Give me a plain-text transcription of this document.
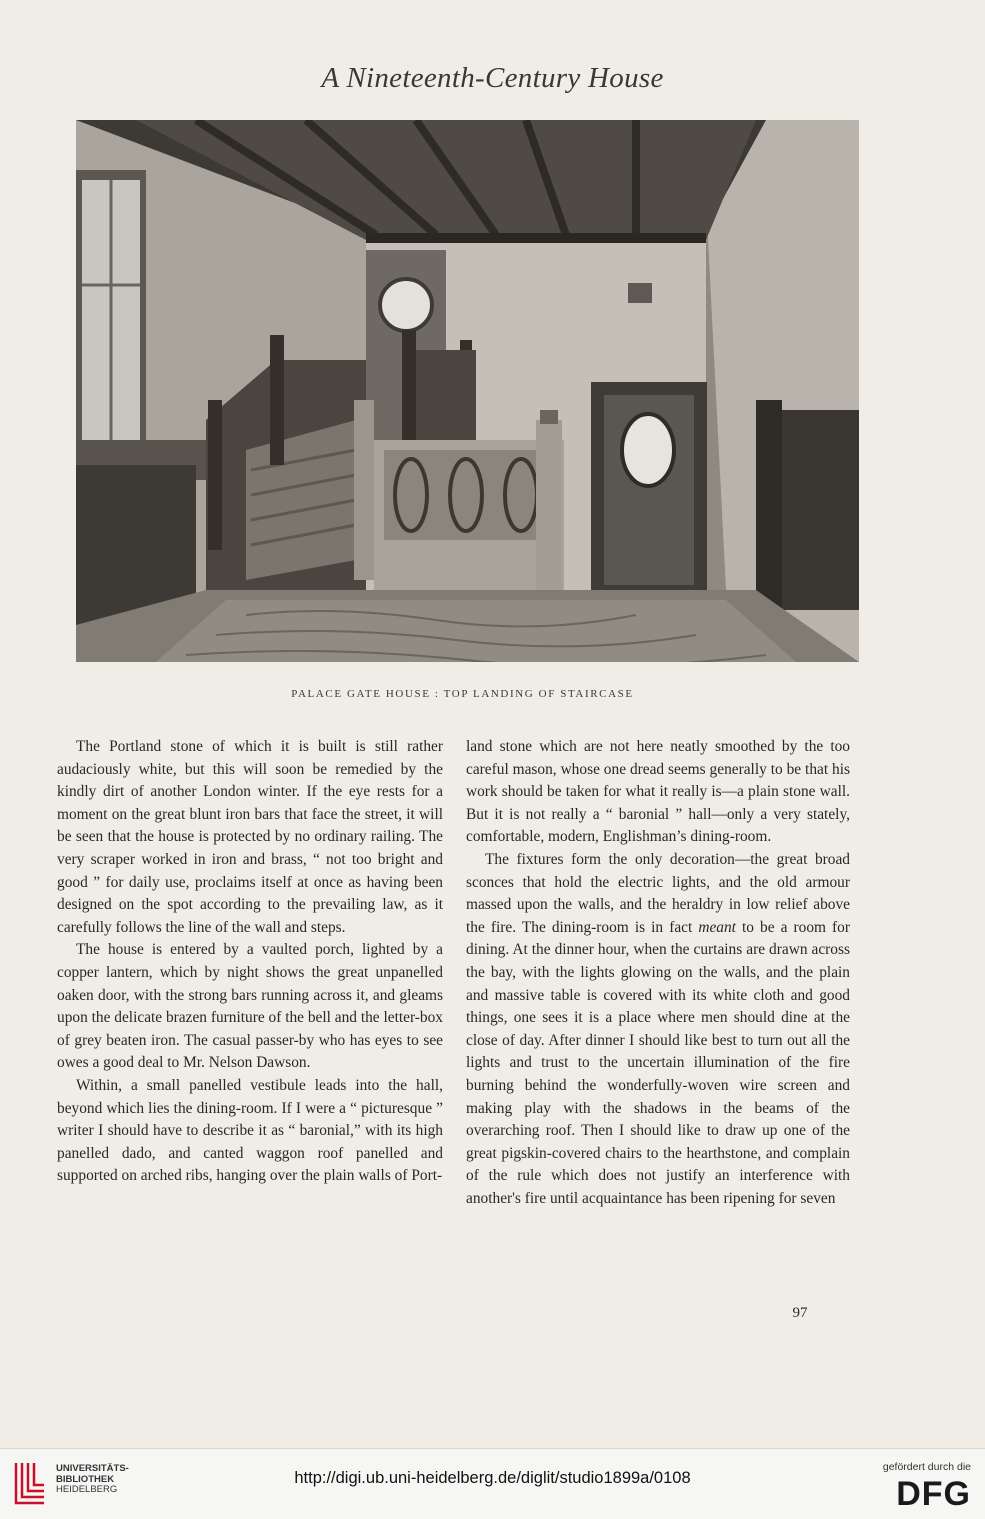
A Nineteenth-Century House
PALACE GATE HOUSE : TOP LANDING OF STAIRCASE

The Portland stone of which it is built is still rather audaciously white, but this will soon be remedied by the kindly dirt of another London winter. If the eye rests for a moment on the great blunt iron bars that face the street, it will be seen that the house is protected by no ordinary railing. The very scraper worked in iron and brass, “ not too bright and good ” for daily use, proclaims itself at once as having been designed on the spot according to the prevailing law, as it carefully follows the line of the wall and steps.

The house is entered by a vaulted porch, lighted by a copper lantern, which by night shows the great unpanelled oaken door, with the strong bars running across it, and gleams upon the delicate brazen furniture of the bell and the letter-box of grey beaten iron. The casual passer-by who has eyes to see owes a good deal to Mr. Nelson Dawson.

Within, a small panelled vestibule leads into the hall, beyond which lies the dining-room. If I were a “ picturesque ” writer I should have to describe it as “ baronial,” with its high panelled dado, and canted waggon roof panelled and supported on arched ribs, hanging over the plain walls of Port-

land stone which are not here neatly smoothed by the too careful mason, whose one dread seems generally to be that his work should be taken for what it really is—a plain stone wall. But it is not really a “ baronial ” hall—only a very stately, comfortable, modern, Englishman’s dining-room.

The fixtures form the only decoration—the great broad sconces that hold the electric lights, and the old armour massed upon the walls, and the heraldry in low relief above the fire. The dining-room is in fact meant to be a room for dining. At the dinner hour, when the curtains are drawn across the bay, with the lights glowing on the walls, and the plain and massive table is covered with its white cloth and good things, one sees it is a place where men should dine at the close of day. After dinner I should like best to turn out all the lights and trust to the uncertain illumination of the fire burning behind the wonderfully-woven wire screen and making play with the shadows in the beams of the overarching roof. Then I should like to draw up one of the great pigskin-covered chairs to the hearthstone, and complain of the rule which does not justify an interference with another's fire until acquaintance has been ripening for seven

97
UNIVERSITÄTS-
BIBLIOTHEK
HEIDELBERG
http://digi.ub.uni-heidelberg.de/diglit/studio1899a/0108
gefördert durch die
DFG
